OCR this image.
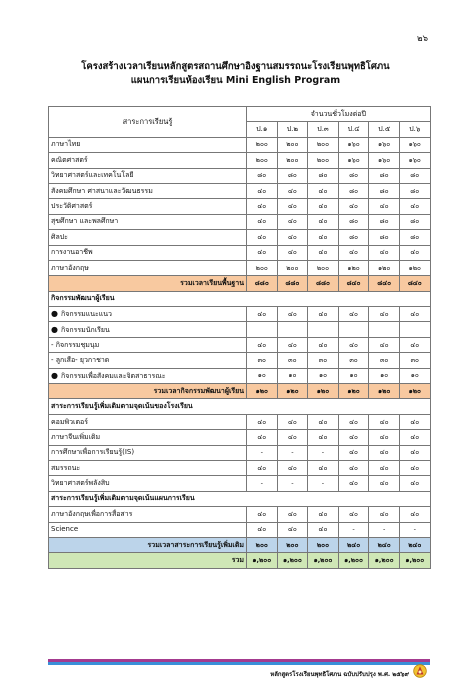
๒๖
โครงสร้างเวลาเรียนหลักสูตรสถานศึกษาอิงฐานสมรรถนะโรงเรียนพุทธิโศภน
แผนการเรียนห้องเรียน Mini English Program
สาระการเรียนรู้	จำนวนชั่วโมงต่อปี					
	ป.๑	ป.๒	ป.๓	ป.๔	ป.๕	ป.๖
ภาษาไทย	๒๐๐	๒๐๐	๒๐๐	๑๖๐	๑๖๐	๑๖๐
คณิตศาสตร์	๒๐๐	๒๐๐	๒๐๐	๑๖๐	๑๖๐	๑๖๐
วิทยาศาสตร์และเทคโนโลยี	๘๐	๘๐	๘๐	๘๐	๘๐	๘๐
สังคมศึกษา ศาสนาและวัฒนธรรม	๔๐	๔๐	๔๐	๘๐	๘๐	๘๐
ประวัติศาสตร์	๔๐	๔๐	๔๐	๔๐	๔๐	๔๐
สุขศึกษา และพลศึกษา	๔๐	๔๐	๔๐	๘๐	๘๐	๘๐
ศิลปะ	๔๐	๔๐	๔๐	๘๐	๘๐	๘๐
การงานอาชีพ	๔๐	๔๐	๔๐	๔๐	๔๐	๔๐
ภาษาอังกฤษ	๒๐๐	๒๐๐	๒๐๐	๑๒๐	๑๒๐	๑๒๐
รวมเวลาเรียนพื้นฐาน	๘๘๐	๘๘๐	๘๘๐	๘๔๐	๘๔๐	๘๔๐
กิจกรรมพัฒนาผู้เรียน						
● กิจกรรมแนะแนว	๔๐	๔๐	๔๐	๔๐	๔๐	๔๐
● กิจกรรมนักเรียน						
- กิจกรรมชุมนุม	๔๐	๔๐	๔๐	๔๐	๔๐	๔๐
- ลูกเสือ- ยุวกาชาด	๓๐	๓๐	๓๐	๓๐	๓๐	๓๐
● กิจกรรมเพื่อสังคมและจิตสาธารณะ	๑๐	๑๐	๑๐	๑๐	๑๐	๑๐
รวมเวลากิจกรรมพัฒนาผู้เรียน	๑๒๐	๑๒๐	๑๒๐	๑๒๐	๑๒๐	๑๒๐
สาระการเรียนรู้เพิ่มเติมตามจุดเน้นของโรงเรียน						
คอมพิวเตอร์	๔๐	๔๐	๔๐	๔๐	๔๐	๔๐
ภาษาจีนเพิ่มเติม	๔๐	๔๐	๔๐	๔๐	๔๐	๔๐
การศึกษาเพื่อการเรียนรู้(IS)	-	-	-	๔๐	๔๐	๔๐
สมรรถนะ	๔๐	๔๐	๔๐	๔๐	๔๐	๔๐
วิทยาศาสตร์พลังสิบ	-	-	-	๔๐	๔๐	๔๐
สาระการเรียนรู้เพิ่มเติมตามจุดเน้นแผนการเรียน						
ภาษาอังกฤษเพื่อการสื่อสาร	๔๐	๔๐	๔๐	๔๐	๔๐	๔๐
Science	๔๐	๔๐	๔๐	-	-	-
รวมเวลาสาระการเรียนรู้เพิ่มเติม	๒๐๐	๒๐๐	๒๐๐	๒๔๐	๒๔๐	๒๔๐
รวม	๑,๒๐๐	๑,๒๐๐	๑,๒๐๐	๑,๒๐๐	๑,๒๐๐	๑,๒๐๐
หลักสูตรโรงเรียนพุทธิโศภน ฉบับปรับปรุง พ.ศ. ๒๕๖๙
